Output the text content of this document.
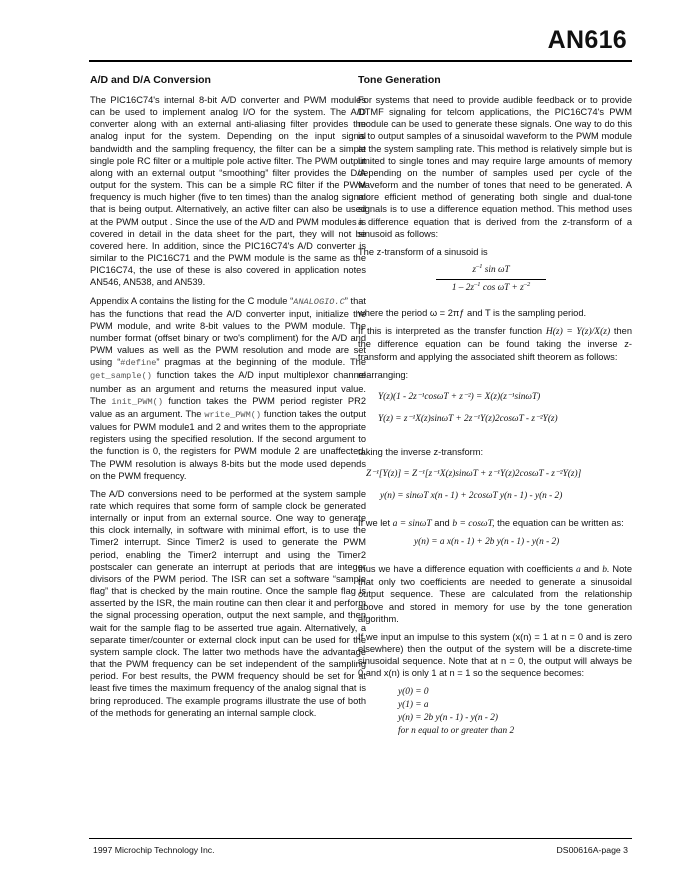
AN616
A/D and D/A Conversion

The PIC16C74's internal 8-bit A/D converter and PWM modules can be used to implement analog I/O for the system. The A/D converter along with an external anti-aliasing filter provides the analog input for the system. Depending on the input signal bandwidth and the sampling frequency, the filter can be a simple single pole RC filter or a multiple pole active filter. The PWM output along with an external output “smoothing” filter provides the D/A output for the system. This can be a simple RC filter if the PWM frequency is much higher (five to ten times) than the analog signal that is being output. Alternatively, an active filter can also be used at the PWM output . Since the use of the A/D and PWM modules is covered in detail in the data sheet for the part, they will not be covered here. In addition, since the PIC16C74's A/D converter is similar to the PIC16C71 and the PWM module is the same as the PIC16C74, the use of these is also covered in application notes AN546, AN538, and AN539.

Appendix A contains the listing for the C module “ANALOGIO.C” that has the functions that read the A/D converter input, initialize the PWM module, and write 8-bit values to the PWM module. The number format (offset binary or two's compliment) for the A/D and PWM values as well as the PWM resolution and mode are set using “#define” pragmas at the beginning of the module. The get_sample() function takes the A/D input multiplexor channel number as an argument and returns the measured input value. The init_PWM() function takes the PWM period register PR2 value as an argument. The write_PWM() function takes the output values for PWM module1 and 2 and writes them to the appropriate registers using the specified resolution. If the second argument to the function is 0, the registers for PWM module 2 are unaffected. The PWM resolution is always 8-bits but the mode used depends on the PWM frequency.

The A/D conversions need to be performed at the system sample rate which requires that some form of sample clock be generated internally or input from an external source. One way to generate this clock internally, in software with minimal effort, is to use the Timer2 interrupt. Since Timer2 is used to generate the PWM period, enabling the Timer2 interrupt and using the Timer2 postscaler can generate an interrupt at periods that are integer divisors of the PWM period. The ISR can set a software “sample flag” that is checked by the main routine. Once the sample flag is asserted by the ISR, the main routine can then clear it and perform the signal processing operation, output the next sample, and then wait for the sample flag to be asserted true again. Alternatively, a separate timer/counter or external clock input can be used for the system sample clock. The latter two methods have the advantage that the PWM frequency can be set independent of the sampling period. For best results, the PWM frequency should be set for at least five times the maximum frequency of the analog signal that is bring reproduced. The example programs illustrate the use of both of the methods for generating an internal sample clock.

Tone Generation

For systems that need to provide audible feedback or to provide DTMF signaling for telcom applications, the PIC16C74's PWM module can be used to generate these signals. One way to do this is to output samples of a sinusoidal waveform to the PWM module at the system sampling rate. This method is relatively simple but is limited to single tones and may require large amounts of memory depending on the number of samples used per cycle of the waveform and the number of tones that need to be generated. A more efficient method of generating both single and dual-tone signals is to use a difference equation method. This method uses a difference equation that is derived from the z-transform of a sinusoid as follows:

The z-transform of a sinusoid is

$z^{-1}$ sin ωT
$1 - 2z^{-1}$ $\cos \omega T + z^{-2}$

where the period ω = 2πƒ and T is the sampling period.

If this is interpreted as the transfer function H(z) = Y(z)/X(z) then the difference equation can be found taking the inverse z-transform and applying the associated shift theorem as follows:

rearranging:

Y(z)(1 - 2z⁻¹cosωT + z⁻²) = X(z)(z⁻¹sinωT)
Y(z) = z⁻¹X(z)sinωT + 2z⁻¹Y(z)2cosωT - z⁻²Y(z)

taking the inverse z-transform:

Z⁻¹[Y(z)] = Z⁻¹[z⁻¹X(z)sinωT + z⁻¹Y(z)2cosωT - z⁻²Y(z)]
y(n) = sinωT x(n - 1) + 2cosωT y(n - 1) - y(n - 2)

If we let a = sinωT and b = cosωT, the equation can be written as:

y(n) = a x(n - 1) + 2b y(n - 1) - y(n - 2)

thus we have a difference equation with coefficients a and b. Note that only two coefficients are needed to generate a sinusoidal output sequence. These are calculated from the relationship above and stored in memory for use by the tone generation algorithm.

If we input an impulse to this system (x(n) = 1 at n = 0 and is zero elsewhere) then the output of the system will be a discrete-time sinusoidal sequence. Note that at n = 0, the output will always be 0 and x(n) is only 1 at n = 1 so the sequence becomes:

y(0) = 0
y(1) = a
y(n) = 2b y(n - 1) - y(n - 2)
for n equal to or greater than 2
1997 Microchip Technology Inc.	DS00616A-page 3
